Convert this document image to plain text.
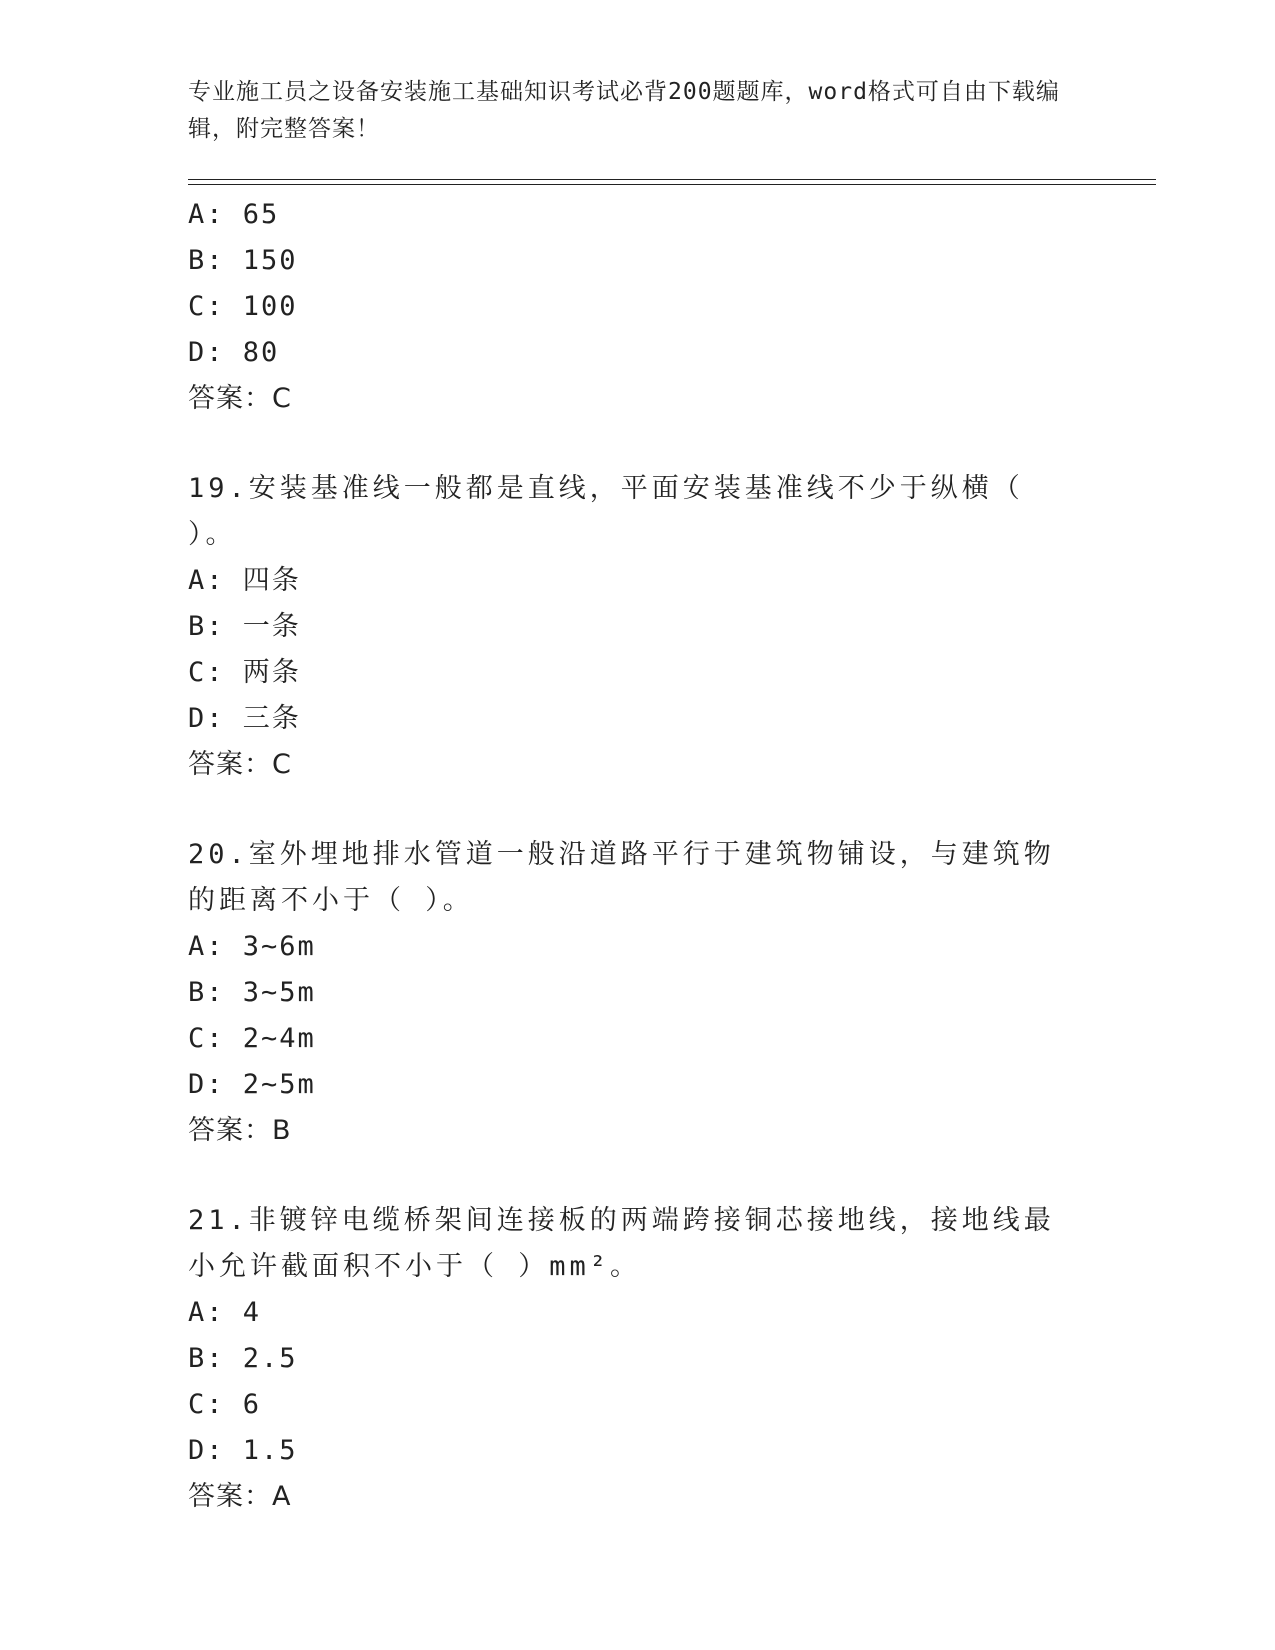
专业施工员之设备安装施工基础知识考试必背200题题库，word格式可自由下载编辑，附完整答案！
A: 65
B: 150
C: 100
D: 80
答案：C
19.安装基准线一般都是直线，平面安装基准线不少于纵横（ ）。
A: 四条
B: 一条
C: 两条
D: 三条
答案：C
20.室外埋地排水管道一般沿道路平行于建筑物铺设，与建筑物的距离不小于（ ）。
A: 3~6m
B: 3~5m
C: 2~4m
D: 2~5m
答案：B
21.非镀锌电缆桥架间连接板的两端跨接铜芯接地线，接地线最小允许截面积不小于（ ）mm²。
A: 4
B: 2.5
C: 6
D: 1.5
答案：A
